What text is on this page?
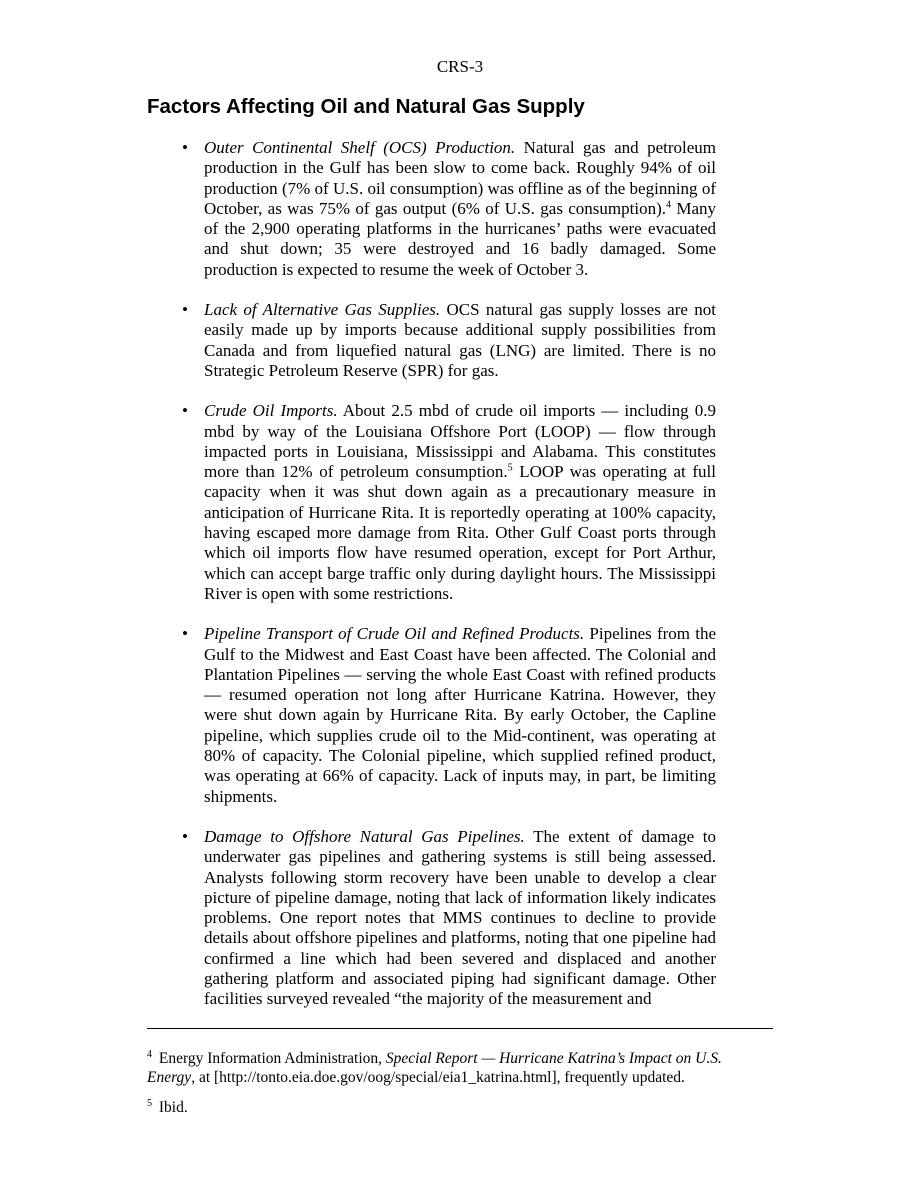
CRS-3
Factors Affecting Oil and Natural Gas Supply
• Outer Continental Shelf (OCS) Production. Natural gas and petroleum production in the Gulf has been slow to come back. Roughly 94% of oil production (7% of U.S. oil consumption) was offline as of the beginning of October, as was 75% of gas output (6% of U.S. gas consumption).$^4$ Many of the 2,900 operating platforms in the hurricanes’ paths were evacuated and shut down; 35 were destroyed and 16 badly damaged. Some production is expected to resume the week of October 3.
• Lack of Alternative Gas Supplies. OCS natural gas supply losses are not easily made up by imports because additional supply possibilities from Canada and from liquefied natural gas (LNG) are limited. There is no Strategic Petroleum Reserve (SPR) for gas.
• Crude Oil Imports. About 2.5 mbd of crude oil imports — including 0.9 mbd by way of the Louisiana Offshore Port (LOOP) — flow through impacted ports in Louisiana, Mississippi and Alabama. This constitutes more than 12% of petroleum consumption.$^5$ LOOP was operating at full capacity when it was shut down again as a precautionary measure in anticipation of Hurricane Rita. It is reportedly operating at 100% capacity, having escaped more damage from Rita. Other Gulf Coast ports through which oil imports flow have resumed operation, except for Port Arthur, which can accept barge traffic only during daylight hours. The Mississippi River is open with some restrictions.
• Pipeline Transport of Crude Oil and Refined Products. Pipelines from the Gulf to the Midwest and East Coast have been affected. The Colonial and Plantation Pipelines — serving the whole East Coast with refined products — resumed operation not long after Hurricane Katrina. However, they were shut down again by Hurricane Rita. By early October, the Capline pipeline, which supplies crude oil to the Mid-continent, was operating at 80% of capacity. The Colonial pipeline, which supplied refined product, was operating at 66% of capacity. Lack of inputs may, in part, be limiting shipments.
• Damage to Offshore Natural Gas Pipelines. The extent of damage to underwater gas pipelines and gathering systems is still being assessed. Analysts following storm recovery have been unable to develop a clear picture of pipeline damage, noting that lack of information likely indicates problems. One report notes that MMS continues to decline to provide details about offshore pipelines and platforms, noting that one pipeline had confirmed a line which had been severed and displaced and another gathering platform and associated piping had significant damage. Other facilities surveyed revealed “the majority of the measurement and

$^4$ Energy Information Administration, Special Report — Hurricane Katrina’s Impact on U.S. Energy, at [http://tonto.eia.doe.gov/oog/special/eia1_katrina.html], frequently updated.

$^5$ Ibid.
